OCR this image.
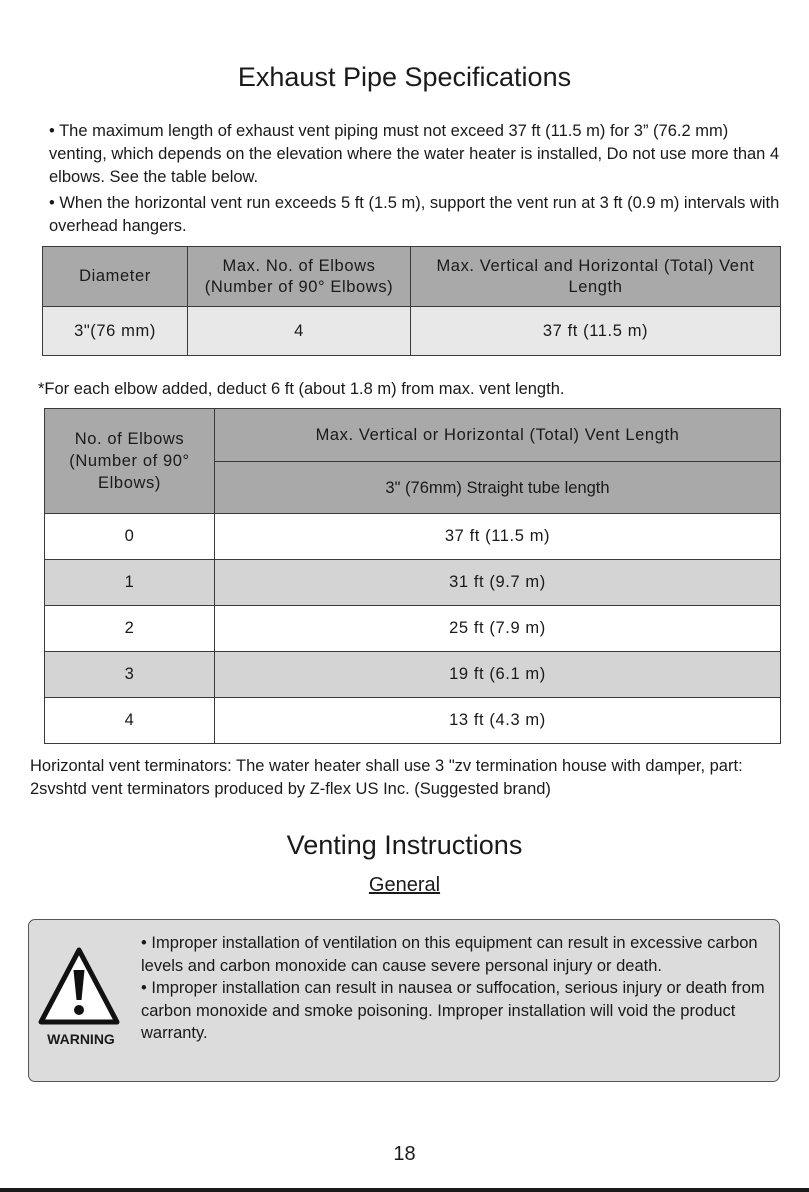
Exhaust Pipe Specifications

• The maximum length of exhaust vent piping must not exceed 37 ft (11.5 m) for 3” (76.2 mm) venting, which depends on the elevation where the water heater is installed, Do not use more than 4 elbows. See the table below.

• When the horizontal vent run exceeds 5 ft (1.5 m), support the vent run at 3 ft (0.9 m) intervals with overhead hangers.

Diameter	Max. No. of Elbows (Number of 90° Elbows)	Max. Vertical and Horizontal (Total) Vent Length
3"(76 mm)	4	37 ft (11.5 m)

*For each elbow added, deduct 6 ft (about 1.8 m) from max. vent length.

No. of Elbows (Number of 90° Elbows)	Max. Vertical or Horizontal (Total) Vent Length
	3" (76mm) Straight tube length
0	37 ft (11.5 m)
1	31 ft (9.7 m)
2	25 ft (7.9 m)
3	19 ft (6.1 m)
4	13 ft (4.3 m)

Horizontal vent terminators: The water heater shall use 3 "zv termination house with damper, part: 2svshtd vent terminators produced by Z-flex US Inc. (Suggested brand)

Venting Instructions
General
WARNING

• Improper installation of ventilation on this equipment can result in excessive carbon levels and carbon monoxide can cause severe personal injury or death.

• Improper installation can result in nausea or suffocation, serious injury or death from carbon monoxide and smoke poisoning. Improper installation will void the product warranty.

18
